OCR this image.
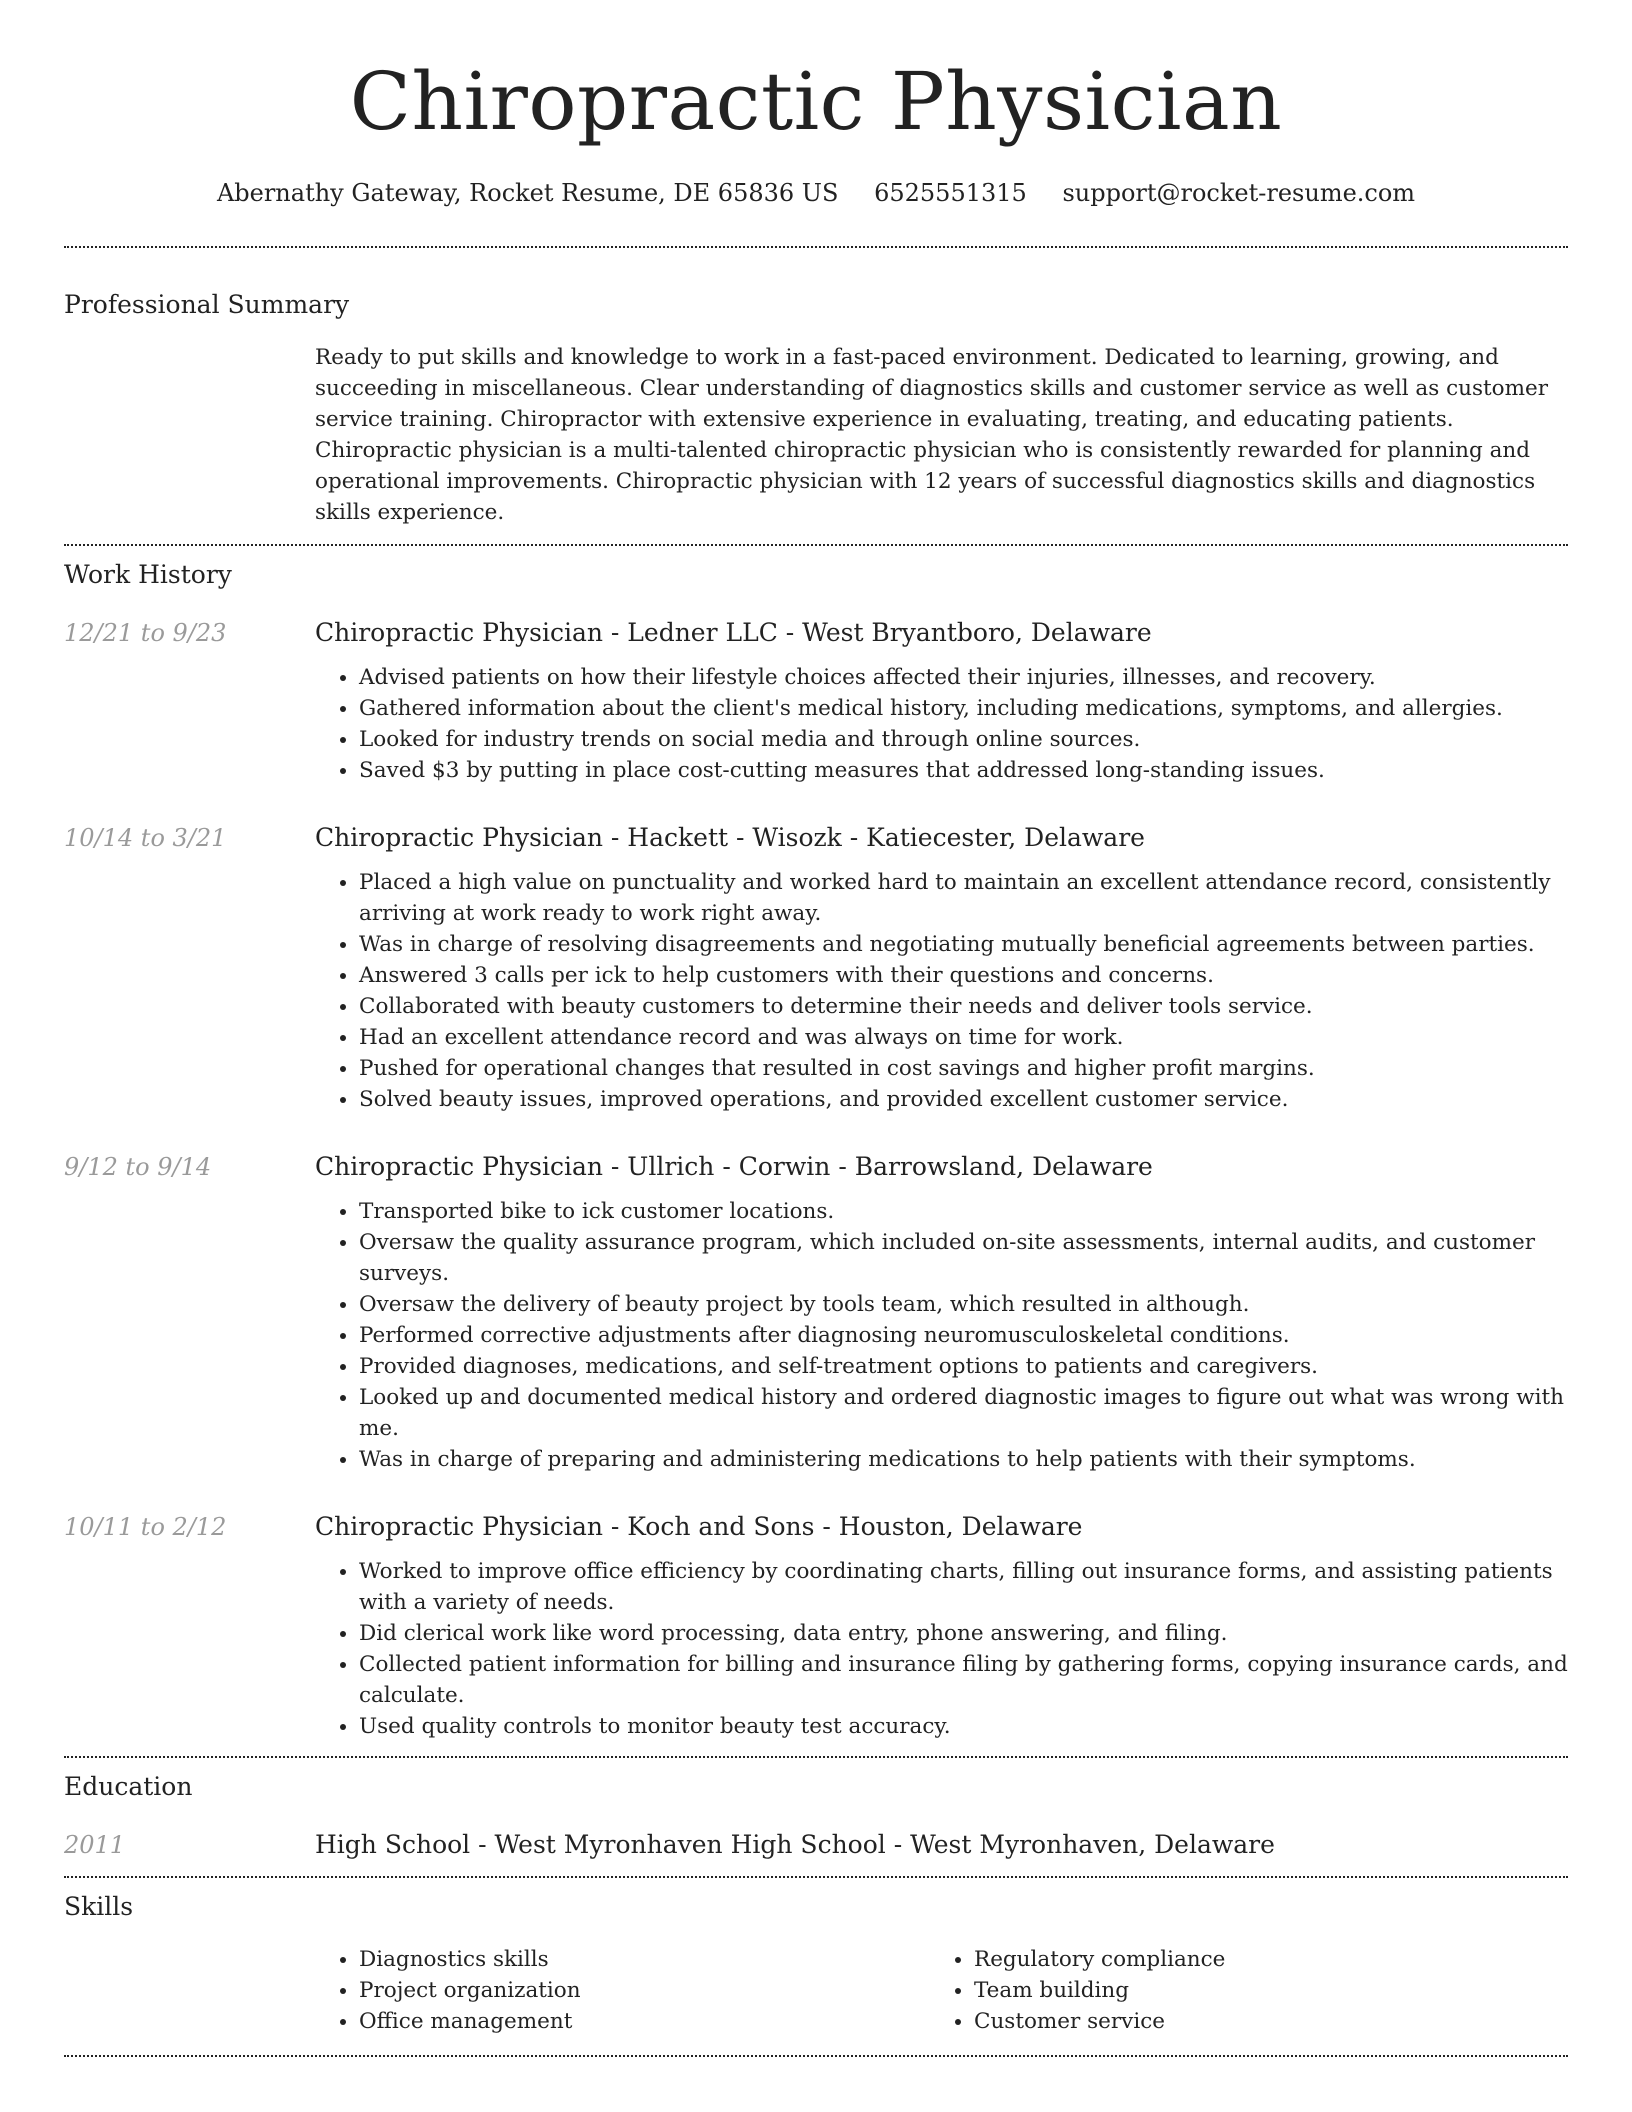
Chiropractic Physician
Abernathy Gateway, Rocket Resume, DE 65836 US 6525551315 support@rocket-resume.com
Professional Summary

Ready to put skills and knowledge to work in a fast-paced environment. Dedicated to learning, growing, and succeeding in miscellaneous. Clear understanding of diagnostics skills and customer service as well as customer service training. Chiropractor with extensive experience in evaluating, treating, and educating patients. Chiropractic physician is a multi-talented chiropractic physician who is consistently rewarded for planning and operational improvements. Chiropractic physician with 12 years of successful diagnostics skills and diagnostics skills experience.

Work History
12/21 to 9/23	Chiropractic Physician - Ledner LLC - West Bryantboro, Delaware
• Advised patients on how their lifestyle choices affected their injuries, illnesses, and recovery.
• Gathered information about the client's medical history, including medications, symptoms, and allergies.
• Looked for industry trends on social media and through online sources.
• Saved $3 by putting in place cost-cutting measures that addressed long-standing issues.
10/14 to 3/21	Chiropractic Physician - Hackett - Wisozk - Katiecester, Delaware
• Placed a high value on punctuality and worked hard to maintain an excellent attendance record, consistently arriving at work ready to work right away.
• Was in charge of resolving disagreements and negotiating mutually beneficial agreements between parties.
• Answered 3 calls per ick to help customers with their questions and concerns.
• Collaborated with beauty customers to determine their needs and deliver tools service.
• Had an excellent attendance record and was always on time for work.
• Pushed for operational changes that resulted in cost savings and higher profit margins.
• Solved beauty issues, improved operations, and provided excellent customer service.
9/12 to 9/14	Chiropractic Physician - Ullrich - Corwin - Barrowsland, Delaware
• Transported bike to ick customer locations.
• Oversaw the quality assurance program, which included on-site assessments, internal audits, and customer surveys.
• Oversaw the delivery of beauty project by tools team, which resulted in although.
• Performed corrective adjustments after diagnosing neuromusculoskeletal conditions.
• Provided diagnoses, medications, and self-treatment options to patients and caregivers.
• Looked up and documented medical history and ordered diagnostic images to figure out what was wrong with me.
• Was in charge of preparing and administering medications to help patients with their symptoms.
10/11 to 2/12	Chiropractic Physician - Koch and Sons - Houston, Delaware
• Worked to improve office efficiency by coordinating charts, filling out insurance forms, and assisting patients with a variety of needs.
• Did clerical work like word processing, data entry, phone answering, and filing.
• Collected patient information for billing and insurance filing by gathering forms, copying insurance cards, and calculate.
• Used quality controls to monitor beauty test accuracy.
Education
2011	High School - West Myronhaven High School - West Myronhaven, Delaware
Skills
• Diagnostics skills
• Project organization
• Office management
• Regulatory compliance
• Team building
• Customer service
